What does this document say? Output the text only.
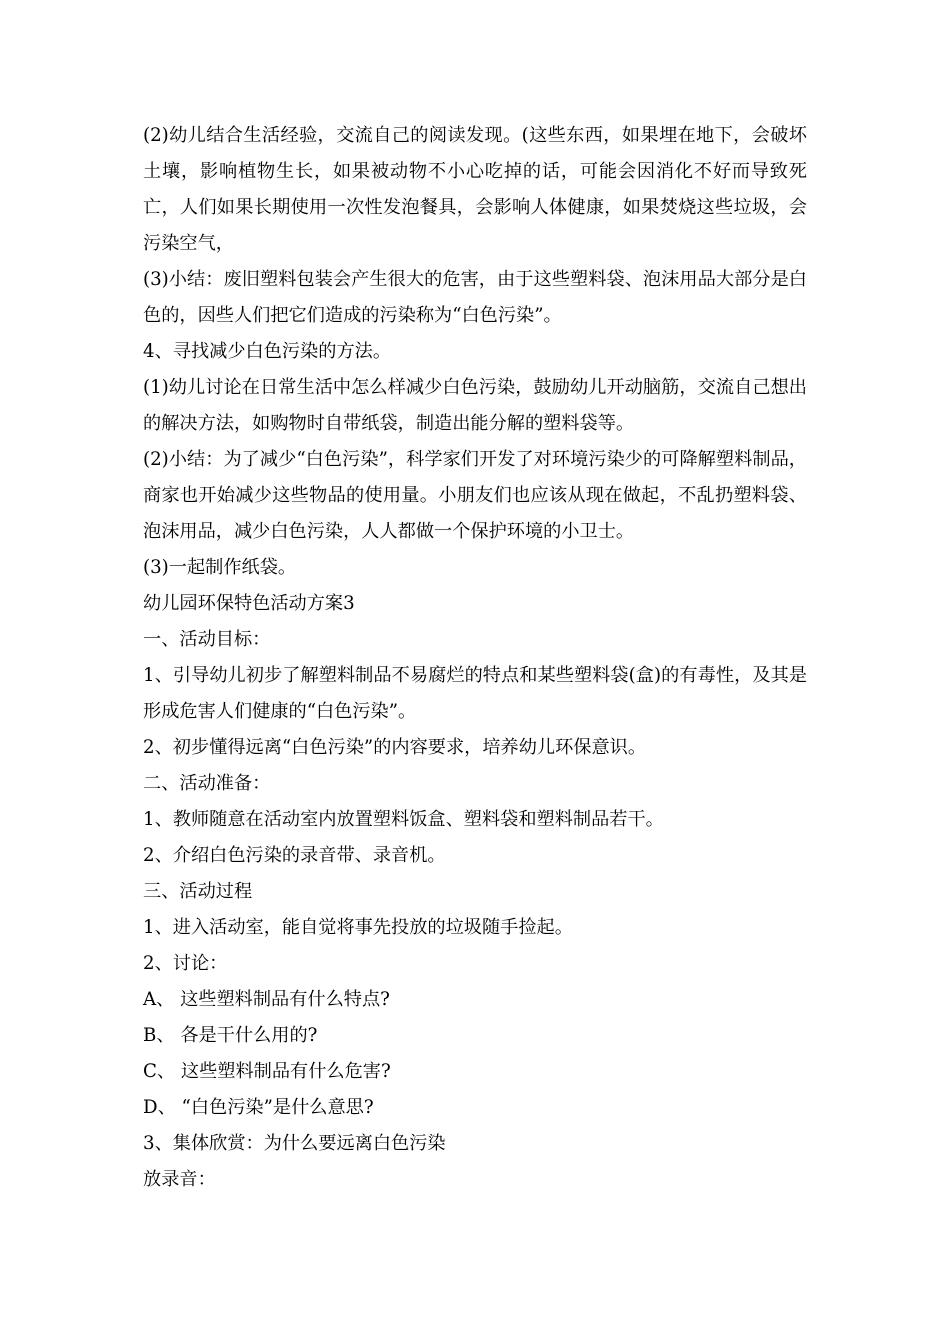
(2)幼儿结合生活经验，交流自己的阅读发现。(这些东西，如果埋在地下，会破坏土壤，影响植物生长，如果被动物不小心吃掉的话，可能会因消化不好而导致死亡，人们如果长期使用一次性发泡餐具，会影响人体健康，如果焚烧这些垃圾，会污染空气，

(3)小结：废旧塑料包装会产生很大的危害，由于这些塑料袋、泡沫用品大部分是白色的，因些人们把它们造成的污染称为“白色污染”。

4、寻找减少白色污染的方法。

(1)幼儿讨论在日常生活中怎么样减少白色污染，鼓励幼儿开动脑筋，交流自己想出的解决方法，如购物时自带纸袋，制造出能分解的塑料袋等。

(2)小结：为了减少“白色污染”，科学家们开发了对环境污染少的可降解塑料制品，商家也开始减少这些物品的使用量。小朋友们也应该从现在做起，不乱扔塑料袋、泡沫用品，减少白色污染，人人都做一个保护环境的小卫士。

(3)一起制作纸袋。

幼儿园环保特色活动方案3

一、活动目标：

1、引导幼儿初步了解塑料制品不易腐烂的特点和某些塑料袋(盒)的有毒性，及其是形成危害人们健康的“白色污染”。

2、初步懂得远离“白色污染”的内容要求，培养幼儿环保意识。

二、活动准备：

1、教师随意在活动室内放置塑料饭盒、塑料袋和塑料制品若干。

2、介绍白色污染的录音带、录音机。

三、活动过程

1、进入活动室，能自觉将事先投放的垃圾随手捡起。

2、讨论：

A、 这些塑料制品有什么特点?

B、 各是干什么用的?

C、 这些塑料制品有什么危害?

D、 “白色污染”是什么意思?

3、集体欣赏：为什么要远离白色污染

放录音：
